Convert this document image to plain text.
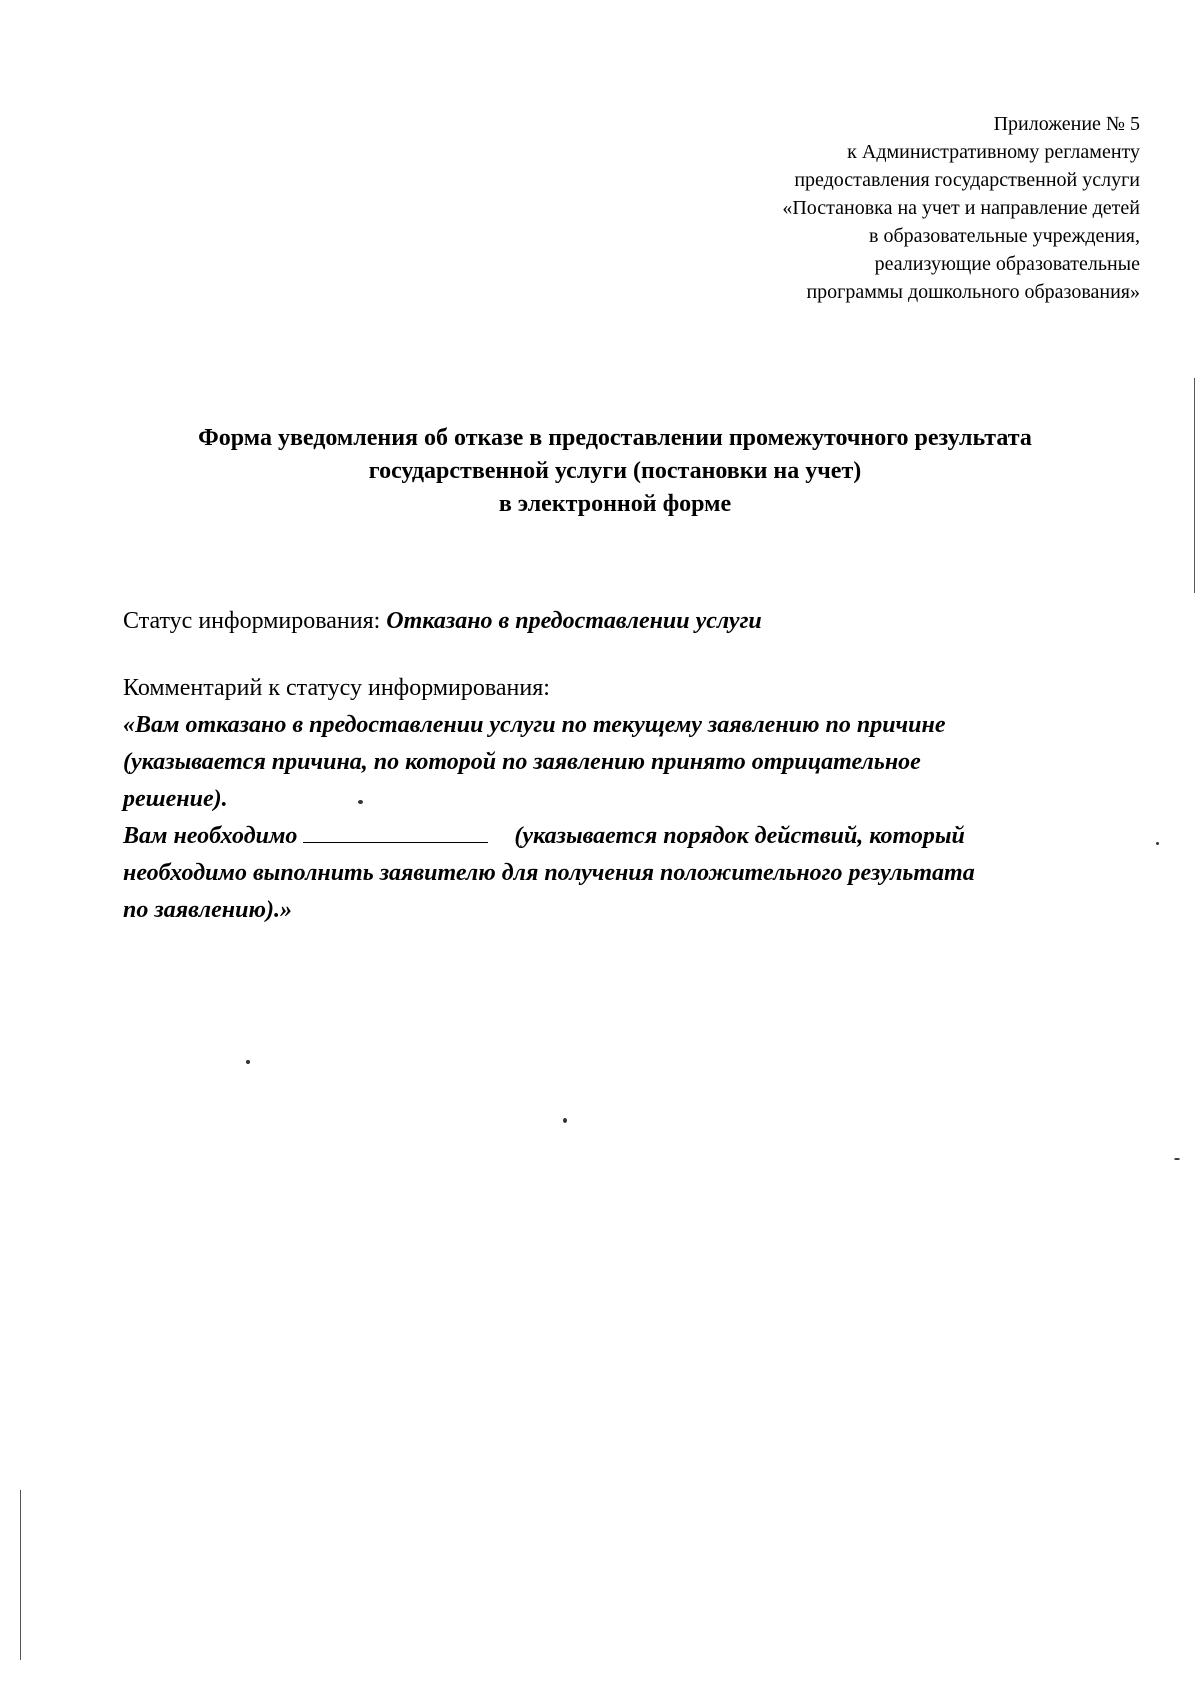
Приложение № 5
к Административному регламенту
предоставления государственной услуги
«Постановка на учет и направление детей
в образовательные учреждения,
реализующие образовательные
программы дошкольного образования»
Форма уведомления об отказе в предоставлении промежуточного результата
государственной услуги (постановки на учет)
в электронной форме
Статус информирования: Отказано в предоставлении услуги
Комментарий к статусу информирования:
«Вам отказано в предоставлении услуги по текущему заявлению по причине
(указывается причина, по которой по заявлению принято отрицательное
решение).
Вам необходимо	(указывается порядок действий, который
необходимо выполнить заявителю для получения положительного результата
по заявлению).»
